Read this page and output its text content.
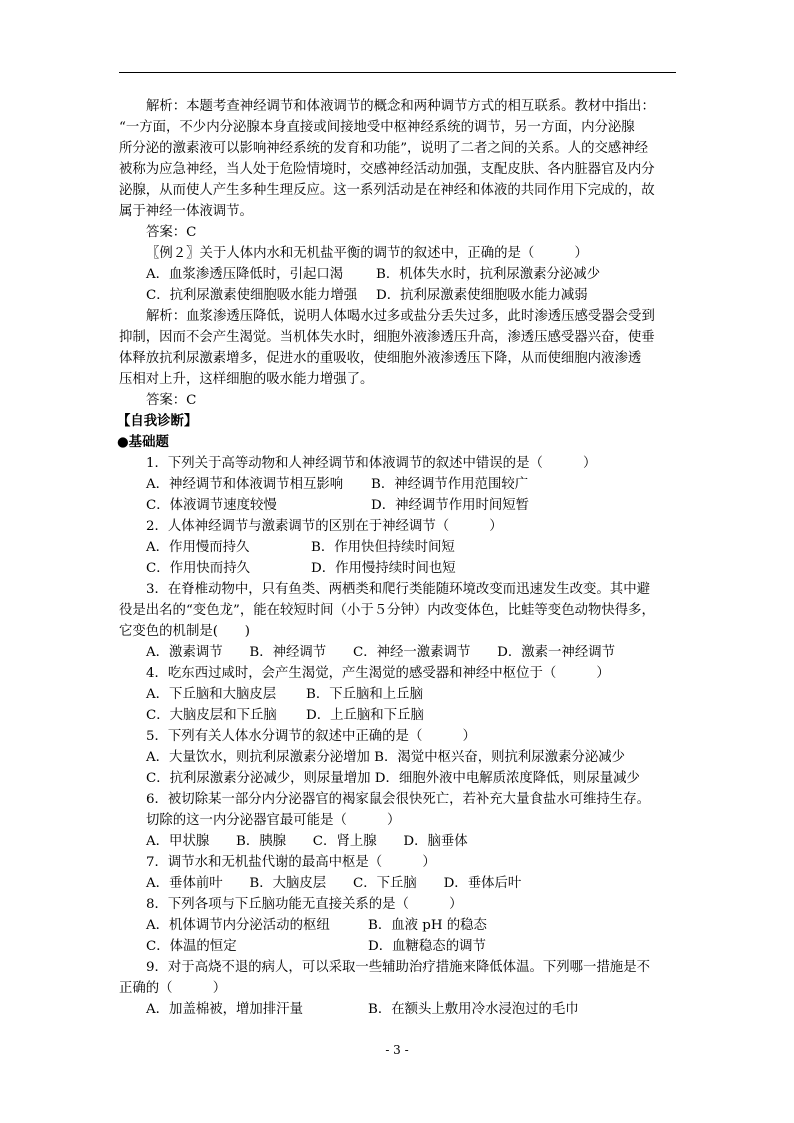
解析：本题考查神经调节和体液调节的概念和两种调节方式的相互联系。教材中指出：
“一方面，不少内分泌腺本身直接或间接地受中枢神经系统的调节，另一方面，内分泌腺
所分泌的激素液可以影响神经系统的发育和功能”，说明了二者之间的关系。人的交感神经
被称为应急神经，当人处于危险情境时，交感神经活动加强，支配皮肤、各内脏器官及内分
泌腺，从而使人产生多种生理反应。这一系列活动是在神经和体液的共同作用下完成的，故
属于神经一体液调节。
答案：C
〖例２〗关于人体内水和无机盐平衡的调节的叙述中，正确的是（　　　）
A．血浆渗透压降低时，引起口渴	B．机体失水时，抗利尿激素分泌减少
C．抗利尿激素使细胞吸水能力增强	D．抗利尿激素使细胞吸水能力减弱
解析：血浆渗透压降低，说明人体喝水过多或盐分丢失过多，此时渗透压感受器会受到
抑制，因而不会产生渴觉。当机体失水时，细胞外液渗透压升高，渗透压感受器兴奋，使垂
体释放抗利尿激素增多，促进水的重吸收，使细胞外液渗透压下降，从而使细胞内液渗透
压相对上升，这样细胞的吸水能力增强了。
答案：C
【自我诊断】
●基础题
1．下列关于高等动物和人神经调节和体液调节的叙述中错误的是（　　　）
A．神经调节和体液调节相互影响	B．神经调节作用范围较广
C．体液调节速度较慢	D．神经调节作用时间短暂
2．人体神经调节与激素调节的区别在于神经调节（　　　）
A．作用慢而持久	B．作用快但持续时间短
C．作用快而持久	D．作用慢持续时间也短
3．在脊椎动物中，只有鱼类、两栖类和爬行类能随环境改变而迅速发生改变。其中避
役是出名的“变色龙”，能在较短时间（小于５分钟）内改变体色，比蛙等变色动物快得多，
它变色的机制是(　　)
A．激素调节　　B．神经调节　　C．神经一激素调节　　D．激素一神经调节
4．吃东西过咸时，会产生渴觉，产生渴觉的感受器和神经中枢位于（　　　）
A．下丘脑和大脑皮层	B．下丘脑和上丘脑
C．大脑皮层和下丘脑	D．上丘脑和下丘脑
5．下列有关人体水分调节的叙述中正确的是（　　　）
A．大量饮水，则抗利尿激素分泌增加 B．渴觉中枢兴奋，则抗利尿激素分泌减少
C．抗利尿激素分泌减少，则尿量增加 D．细胞外液中电解质浓度降低，则尿量减少
6．被切除某一部分内分泌器官的褐家鼠会很快死亡，若补充大量食盐水可维持生存。
切除的这一内分泌器官最可能是（　　　）
A．甲状腺　　B．胰腺　　C．肾上腺　　D．脑垂体
7．调节水和无机盐代谢的最高中枢是（　　　）
A．垂体前叶　　B．大脑皮层　　C．下丘脑　　D．垂体后叶
8．下列各项与下丘脑功能无直接关系的是（　　　）
A．机体调节内分泌活动的枢纽	B．血液 pH 的稳态
C．体温的恒定	D．血糖稳态的调节
9．对于高烧不退的病人，可以采取一些辅助治疗措施来降低体温。下列哪一措施是不
正确的（　　　）
A．加盖棉被，增加排汗量	B．在额头上敷用冷水浸泡过的毛巾
- 3 -
